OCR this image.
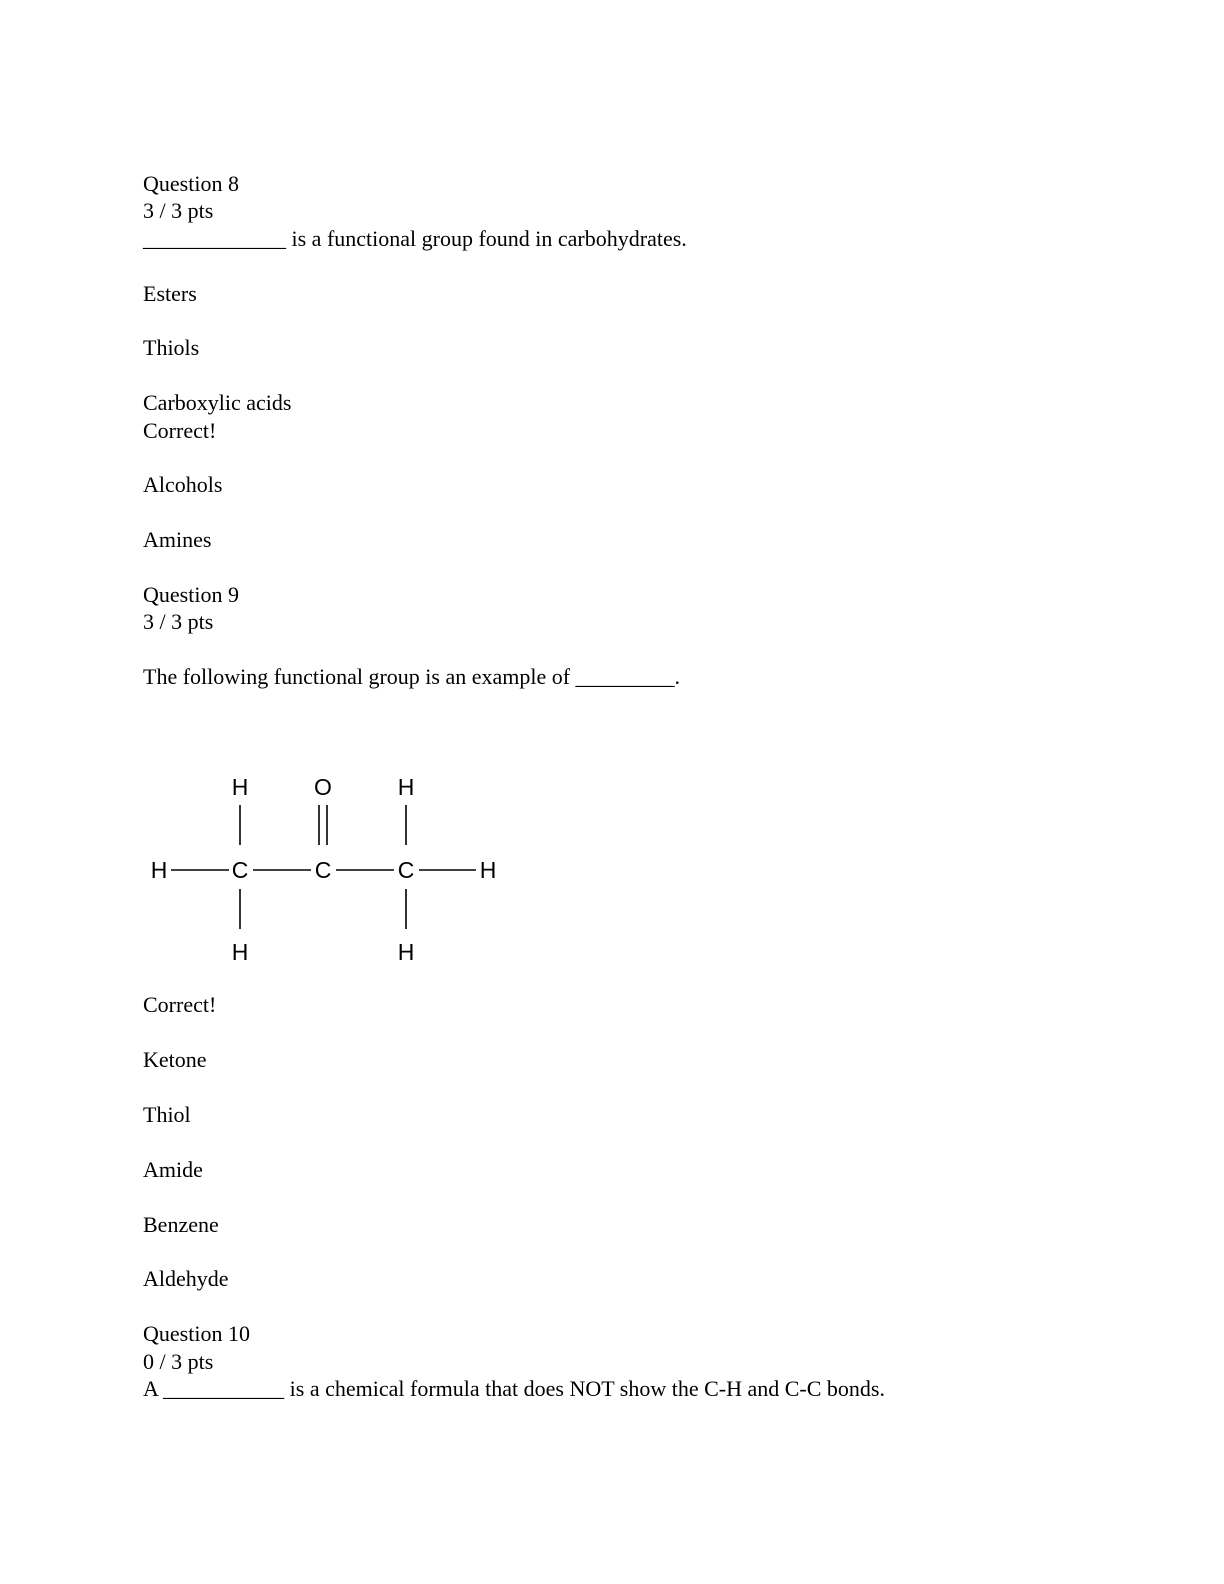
Question 8
3 / 3 pts
_____________ is a functional group found in carbohydrates.
Esters
Thiols
Carboxylic acids
Correct!
Alcohols
Amines
Question 9
3 / 3 pts
The following functional group is an example of _________.
H	O	H
H	C	C	C	H
H	H
Correct!
Ketone
Thiol
Amide
Benzene
Aldehyde
Question 10
0 / 3 pts
A ___________ is a chemical formula that does NOT show the C-H and C-C bonds.
